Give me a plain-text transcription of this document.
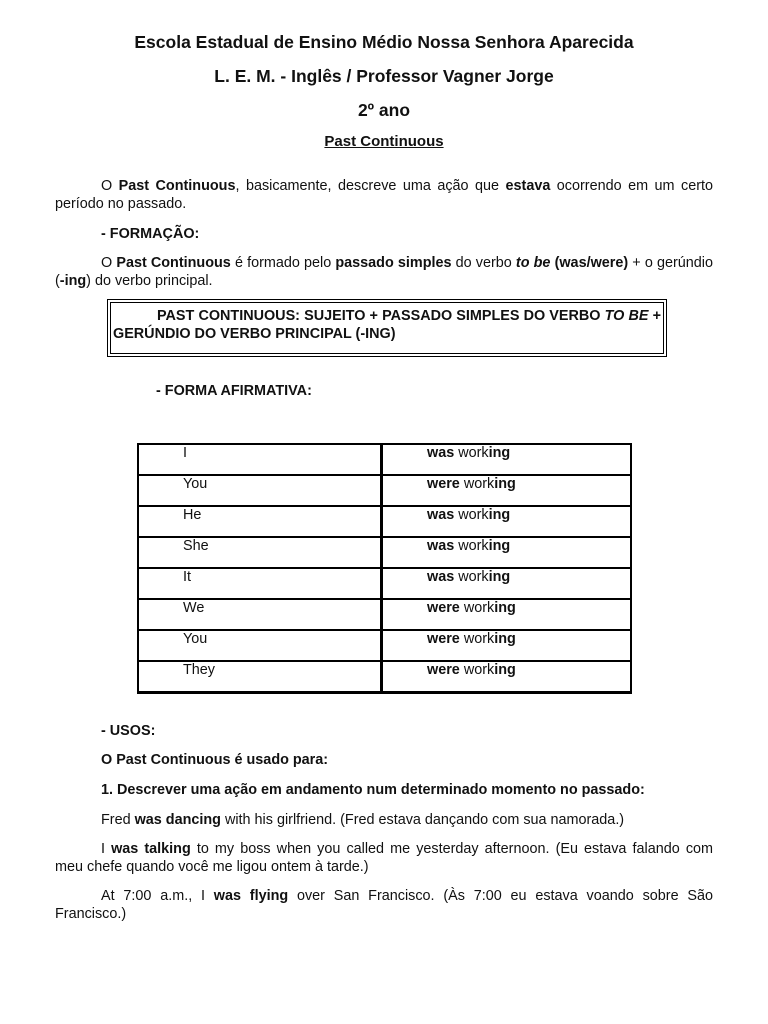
Escola Estadual de Ensino Médio Nossa Senhora Aparecida

L. E. M. - Inglês / Professor Vagner Jorge

2º ano

Past Continuous

O Past Continuous, basicamente, descreve uma ação que estava ocorrendo em um certo período no passado.

- FORMAÇÃO:

O Past Continuous é formado pelo passado simples do verbo to be (was/were) + o gerúndio (-ing) do verbo principal.

PAST CONTINUOUS: SUJEITO + PASSADO SIMPLES DO VERBO TO BE + GERÚNDIO DO VERBO PRINCIPAL (-ING)

- FORMA AFIRMATIVA:

I	was working
You	were working
He	was working
She	was working
It	was working
We	were working
You	were working
They	were working

- USOS:

O Past Continuous é usado para:

1. Descrever uma ação em andamento num determinado momento no passado:

Fred was dancing with his girlfriend. (Fred estava dançando com sua namorada.)

I was talking to my boss when you called me yesterday afternoon. (Eu estava falando com meu chefe quando você me ligou ontem à tarde.)

At 7:00 a.m., I was flying over San Francisco. (Às 7:00 eu estava voando sobre São Francisco.)
